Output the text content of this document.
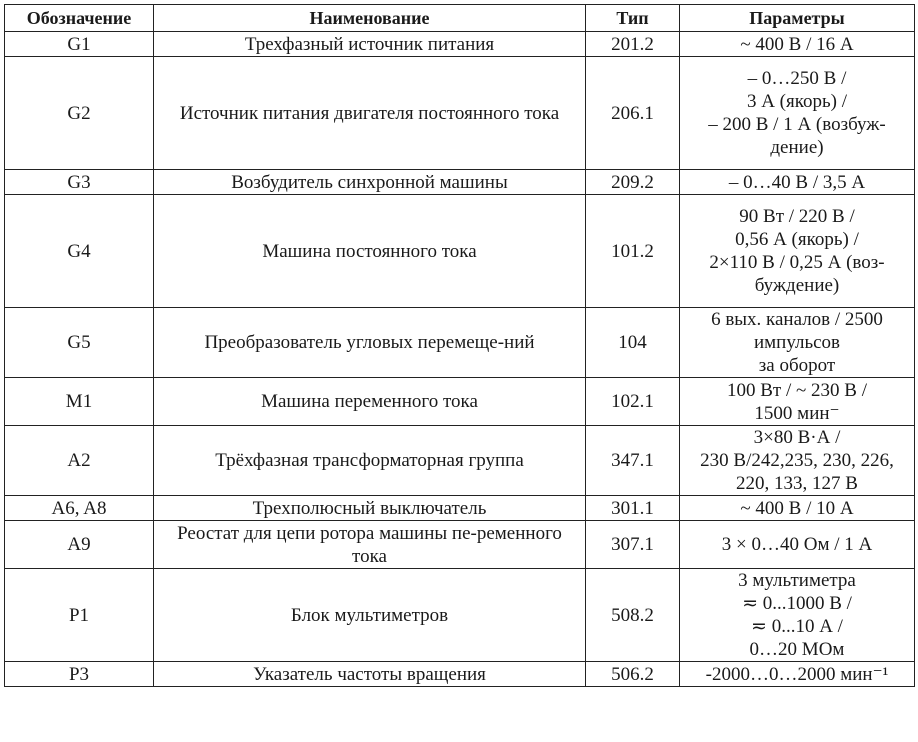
Обозначение	Наименование	Тип	Параметры
G1	Трехфазный источник питания	201.2	~ 400 В / 16 А

G2	Источник питания двигателя постоянного тока	206.1	– 0…250 В /
3 А (якорь) /
– 200 В / 1 А (возбуж-
дение)

G3	Возбудитель синхронной машины	209.2	– 0…40 В / 3,5 А

G4	Машина постоянного тока	101.2	90 Вт / 220 В /
0,56 А (якорь) /
2×110 В / 0,25 А (воз-
буждение)

G5	Преобразователь угловых перемеще-ний	104	6 вых. каналов / 2500
импульсов
за оборот

M1	Машина переменного тока	102.1	100 Вт / ~ 230 В /
1500 мин⁻

A2	Трёхфазная трансформаторная группа	347.1	3×80 В·А /
230 В/242,235, 230, 226,
220, 133, 127 В

A6, A8	Трехполюсный выключатель	301.1	~ 400 В / 10 А

A9	Реостат для цепи ротора машины пе-ременного тока	307.1	3 × 0…40 Ом / 1 А

P1	Блок мультиметров	508.2	3 мультиметра
≂ 0...1000 В /
≂ 0...10 А /
0…20 МОм

P3	Указатель частоты вращения	506.2	-2000…0…2000 мин⁻¹
